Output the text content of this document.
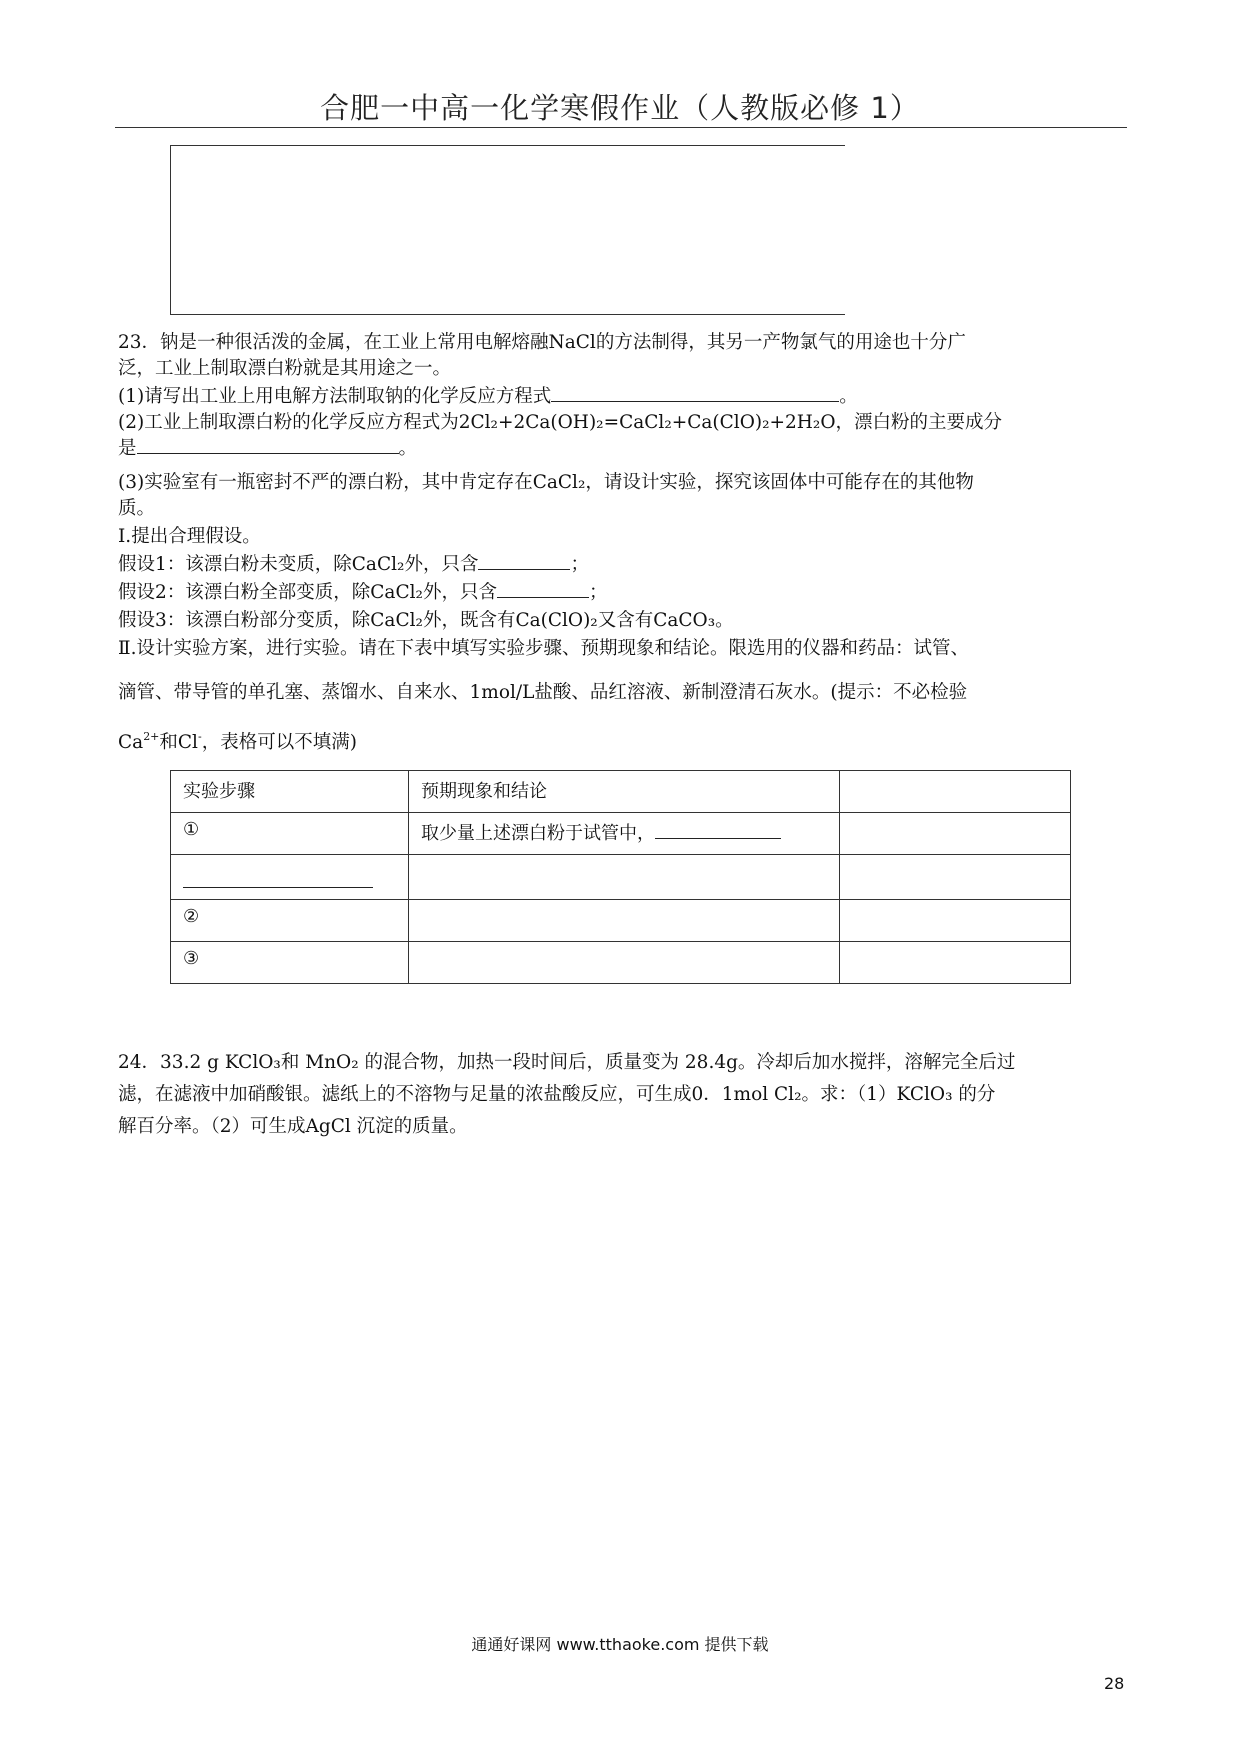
合肥一中高一化学寒假作业（人教版必修 1）
23．钠是一种很活泼的金属，在工业上常用电解熔融NaCl的方法制得，其另一产物氯气的用途也十分广
泛，工业上制取漂白粉就是其用途之一。
(1)请写出工业上用电解方法制取钠的化学反应方程式	。
(2)工业上制取漂白粉的化学反应方程式为2Cl₂+2Ca(OH)₂=CaCl₂+Ca(ClO)₂+2H₂O，漂白粉的主要成分
是	。
(3)实验室有一瓶密封不严的漂白粉，其中肯定存在CaCl₂，请设计实验，探究该固体中可能存在的其他物
质。
Ⅰ.提出合理假设。
假设1：该漂白粉未变质，除CaCl₂外，只含	；
假设2：该漂白粉全部变质，除CaCl₂外，只含	；
假设3：该漂白粉部分变质，除CaCl₂外，既含有Ca(ClO)₂又含有CaCO₃。
Ⅱ.设计实验方案，进行实验。请在下表中填写实验步骤、预期现象和结论。限选用的仪器和药品：试管、
滴管、带导管的单孔塞、蒸馏水、自来水、1mol/L盐酸、品红溶液、新制澄清石灰水。(提示：不必检验
$Ca^{2+}$和Cl-，表格可以不填满)
实验步骤	预期现象和结论	
①	取少量上述漂白粉于试管中，	

②		
③		
24．33.2 g KClO₃和 MnO₂ 的混合物，加热一段时间后，质量变为 28.4g。冷却后加水搅拌，溶解完全后过
滤，在滤液中加硝酸银。滤纸上的不溶物与足量的浓盐酸反应，可生成0．1mol Cl₂。求：（1）KClO₃ 的分
解百分率。（2）可生成AgCl 沉淀的质量。
通通好课网 www.tthaoke.com 提供下载
28
